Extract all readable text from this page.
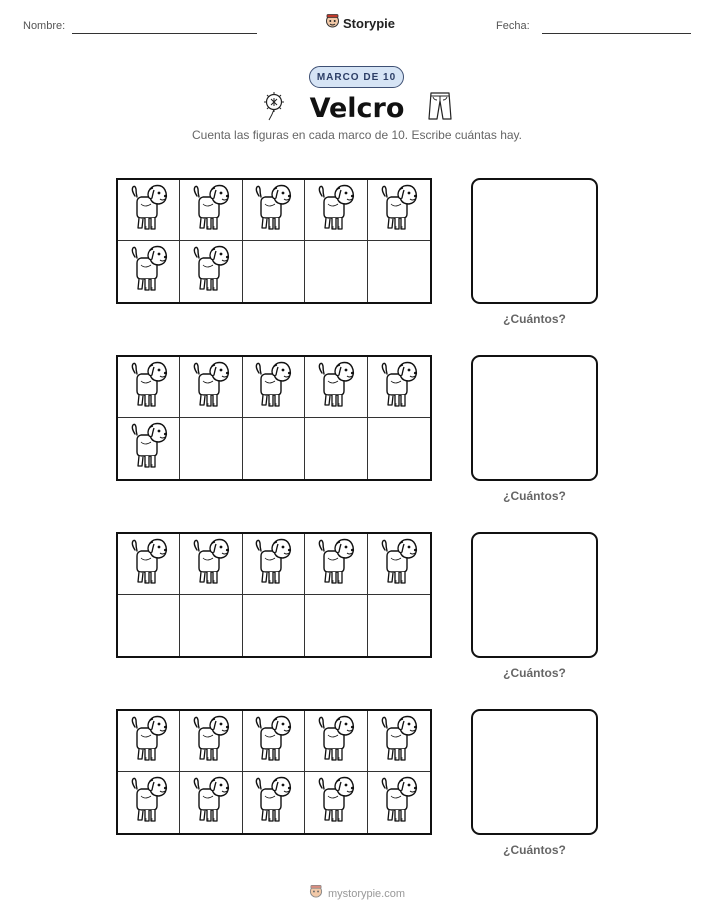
Nombre:	Storypie	Fecha:
MARCO DE 10
Velcro
Cuenta las figuras en cada marco de 10. Escribe cuántas hay.
¿Cuántos?
¿Cuántos?
¿Cuántos?
¿Cuántos?
mystorypie.com
